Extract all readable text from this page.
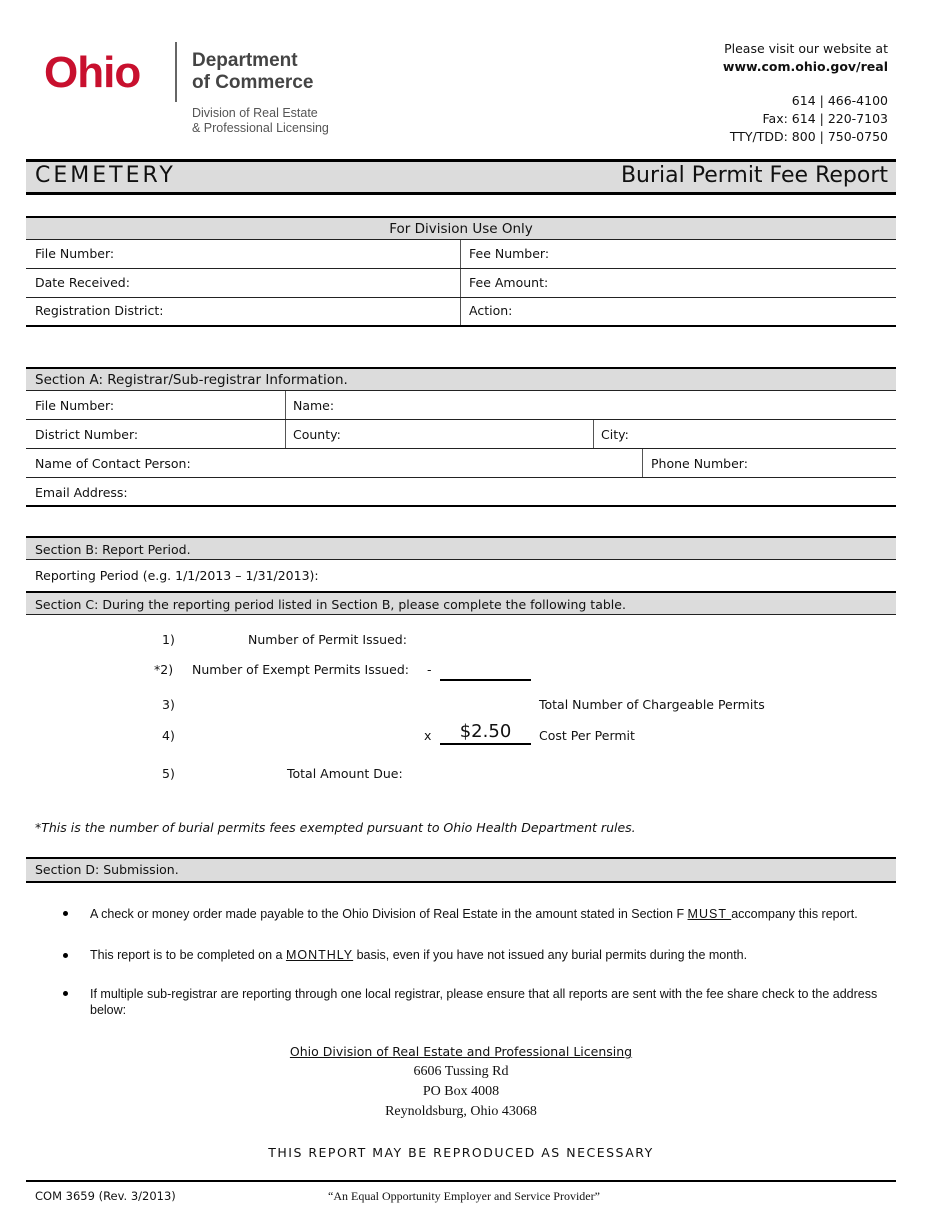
Ohio	Department
of Commerce
Division of Real Estate
& Professional Licensing
Please visit our website at
www.com.ohio.gov/real
614 | 466-4100
Fax: 614 | 220-7103
TTY/TDD: 800 | 750-0750
CEMETERY	Burial Permit Fee Report
For Division Use Only
File Number:	Fee Number:
Date Received:	Fee Amount:
Registration District:	Action:
Section A: Registrar/Sub-registrar Information.
File Number:	Name:
District Number:	County:	City:
Name of Contact Person:	Phone Number:
Email Address:
Section B: Report Period.
Reporting Period (e.g. 1/1/2013 – 1/31/2013):
Section C: During the reporting period listed in Section B, please complete the following table.
1)	Number of Permit Issued:
*2) Number of Exempt Permits Issued: -
3)	Total Number of Chargeable Permits
4)	x	$2.50	Cost Per Permit
5)	Total Amount Due:
*This is the number of burial permits fees exempted pursuant to Ohio Health Department rules.
Section D: Submission.
A check or money order made payable to the Ohio Division of Real Estate in the amount stated in Section F MUST accompany this report.
This report is to be completed on a MONTHLY basis, even if you have not issued any burial permits during the month.
If multiple sub-registrar are reporting through one local registrar, please ensure that all reports are sent with the fee share check to the address below:
Ohio Division of Real Estate and Professional Licensing
6606 Tussing Rd
PO Box 4008
Reynoldsburg, Ohio 43068
THIS REPORT MAY BE REPRODUCED AS NECESSARY
COM 3659 (Rev. 3/2013)	“An Equal Opportunity Employer and Service Provider”
